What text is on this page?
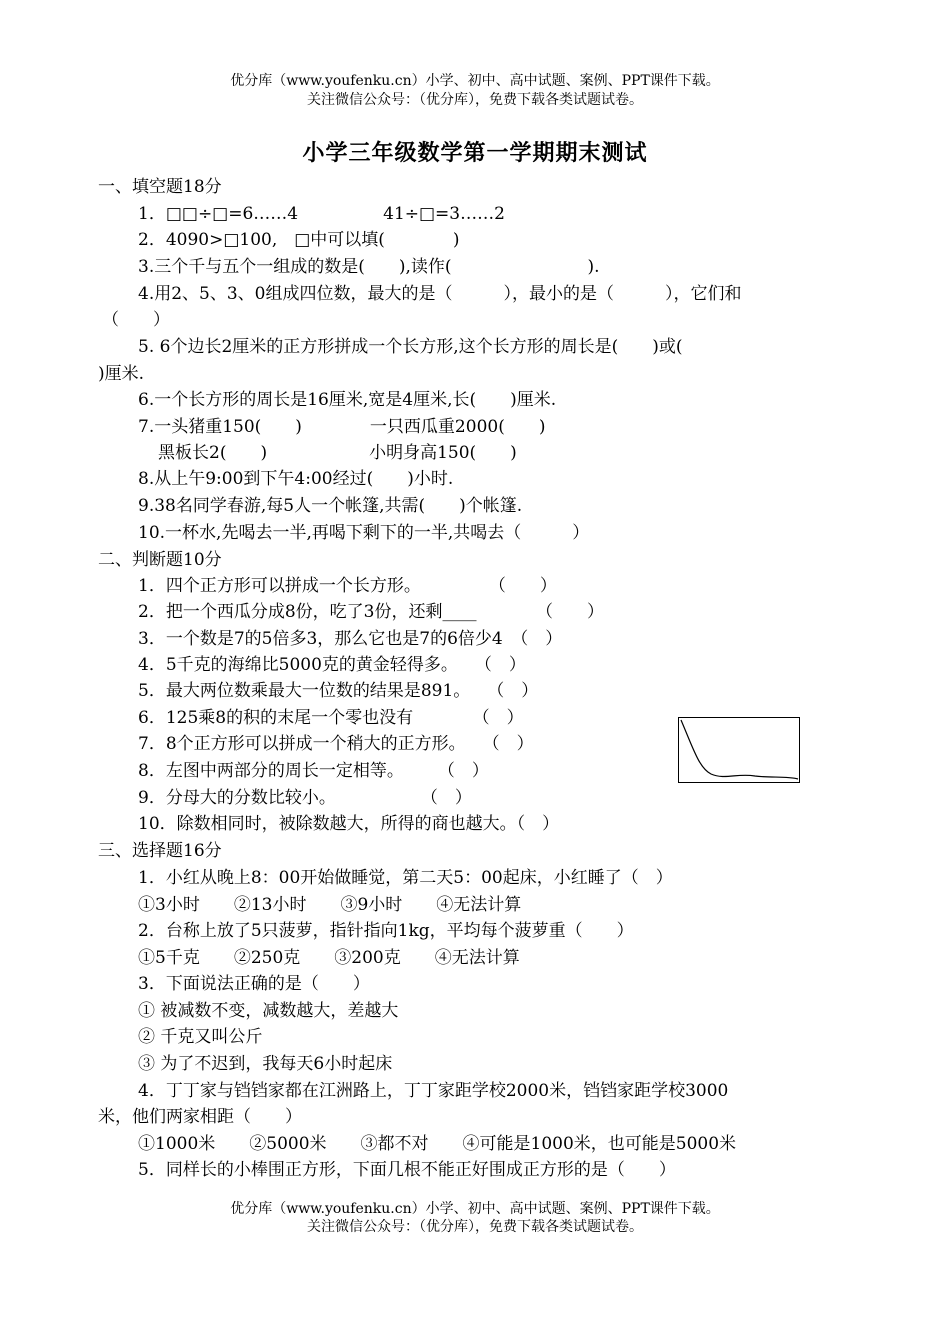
优分库（www.youfenku.cn）小学、初中、高中试题、案例、PPT课件下载。
关注微信公众号：（优分库），免费下载各类试题试卷。
小学三年级数学第一学期期末测试
一、填空题18分
1．□□÷□=6……4　　　　　41÷□=3……2
2．4090>□100,　□中可以填(　　　　)
3.三个千与五个一组成的数是(　　),读作(　　　　　　　　).
4.用2、5、3、0组成四位数，最大的是（　　　），最小的是（　　　），它们和
（　　）
5. 6个边长2厘米的正方形拼成一个长方形,这个长方形的周长是(　　)或(
)厘米.
6.一个长方形的周长是16厘米,宽是4厘米,长(　　)厘米.
7.一头猪重150(　　)　　　　一只西瓜重2000(　　)
黑板长2(　　)　　　　　　小明身高150(　　)
8.从上午9:00到下午4:00经过(　　)小时.
9.38名同学春游,每5人一个帐篷,共需(　　)个帐篷.
10.一杯水,先喝去一半,再喝下剩下的一半,共喝去（　　　）
二、判断题10分
1．四个正方形可以拼成一个长方形。　　　　　（　　）
2．把一个西瓜分成8份，吃了3份，还剩____　　　　（　　）
3．一个数是7的5倍多3，那么它也是7的6倍少4　（　）
4．5千克的海绵比5000克的黄金轻得多。　　（　）
5．最大两位数乘最大一位数的结果是891。　　（　）
6．125乘8的积的末尾一个零也没有　　　　（　）
7．8个正方形可以拼成一个稍大的正方形。　　（　）
8．左图中两部分的周长一定相等。　　　（　）
9．分母大的分数比较小。　　　　　　（　）
10．除数相同时，被除数越大，所得的商也越大。（　）
三、选择题16分
1．小红从晚上8：00开始做睡觉，第二天5：00起床，小红睡了（　）
①3小时　　②13小时　　③9小时　　④无法计算
2．台称上放了5只菠萝，指针指向1kg，平均每个菠萝重（　　）
①5千克　　②250克　　③200克　　④无法计算
3．下面说法正确的是（　　）
① 被减数不变，减数越大，差越大
② 千克又叫公斤
③ 为了不迟到，我每天6小时起床
4．丁丁家与铛铛家都在江洲路上，丁丁家距学校2000米，铛铛家距学校3000
米，他们两家相距（　　）
①1000米　　②5000米　　③都不对　　④可能是1000米，也可能是5000米
5．同样长的小棒围正方形，下面几根不能正好围成正方形的是（　　）
优分库（www.youfenku.cn）小学、初中、高中试题、案例、PPT课件下载。
关注微信公众号：（优分库），免费下载各类试题试卷。
